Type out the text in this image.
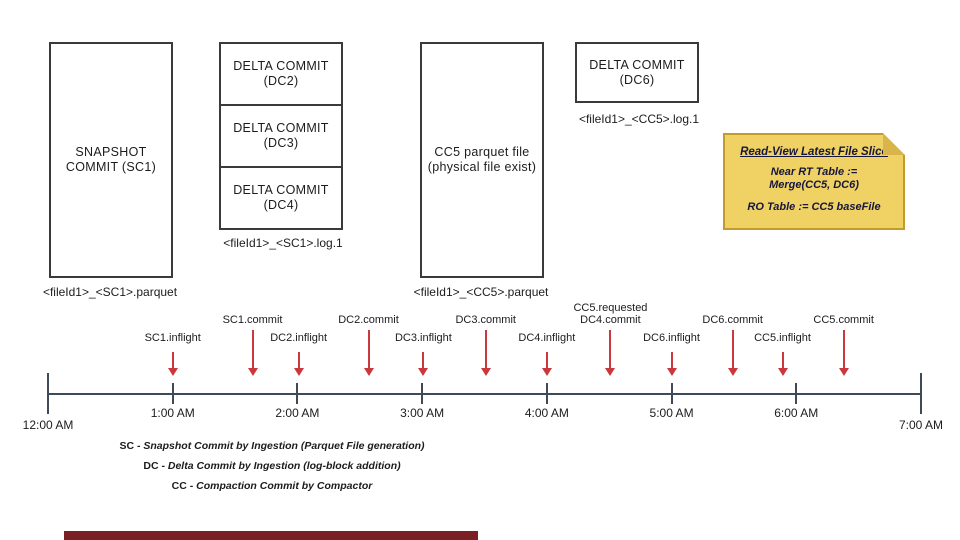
SNAPSHOT
COMMIT (SC1)
<fileId1>_<SC1>.parquet
DELTA COMMIT
(DC2)
DELTA COMMIT
(DC3)
DELTA COMMIT
(DC4)
<fileId1>_<SC1>.log.1
CC5 parquet file
(physical file exist)
<fileId1>_<CC5>.parquet
DELTA COMMIT
(DC6)
<fileId1>_<CC5>.log.1
Read-View Latest File Slice
Near RT Table :=
Merge(CC5, DC6)
RO Table := CC5 baseFile
12:00 AM
1:00 AM	2:00 AM	3:00 AM	4:00 AM	5:00 AM	6:00 AM
7:00 AM
SC1.inflight
SC1.commit
DC2.inflight
DC2.commit
DC3.inflight
DC3.commit
DC4.inflight
CC5.requested
DC4.commit
DC6.inflight
DC6.commit
CC5.inflight
CC5.commit
SC - Snapshot Commit by Ingestion (Parquet File generation)
DC - Delta Commit by Ingestion (log-block addition)
CC - Compaction Commit by Compactor
